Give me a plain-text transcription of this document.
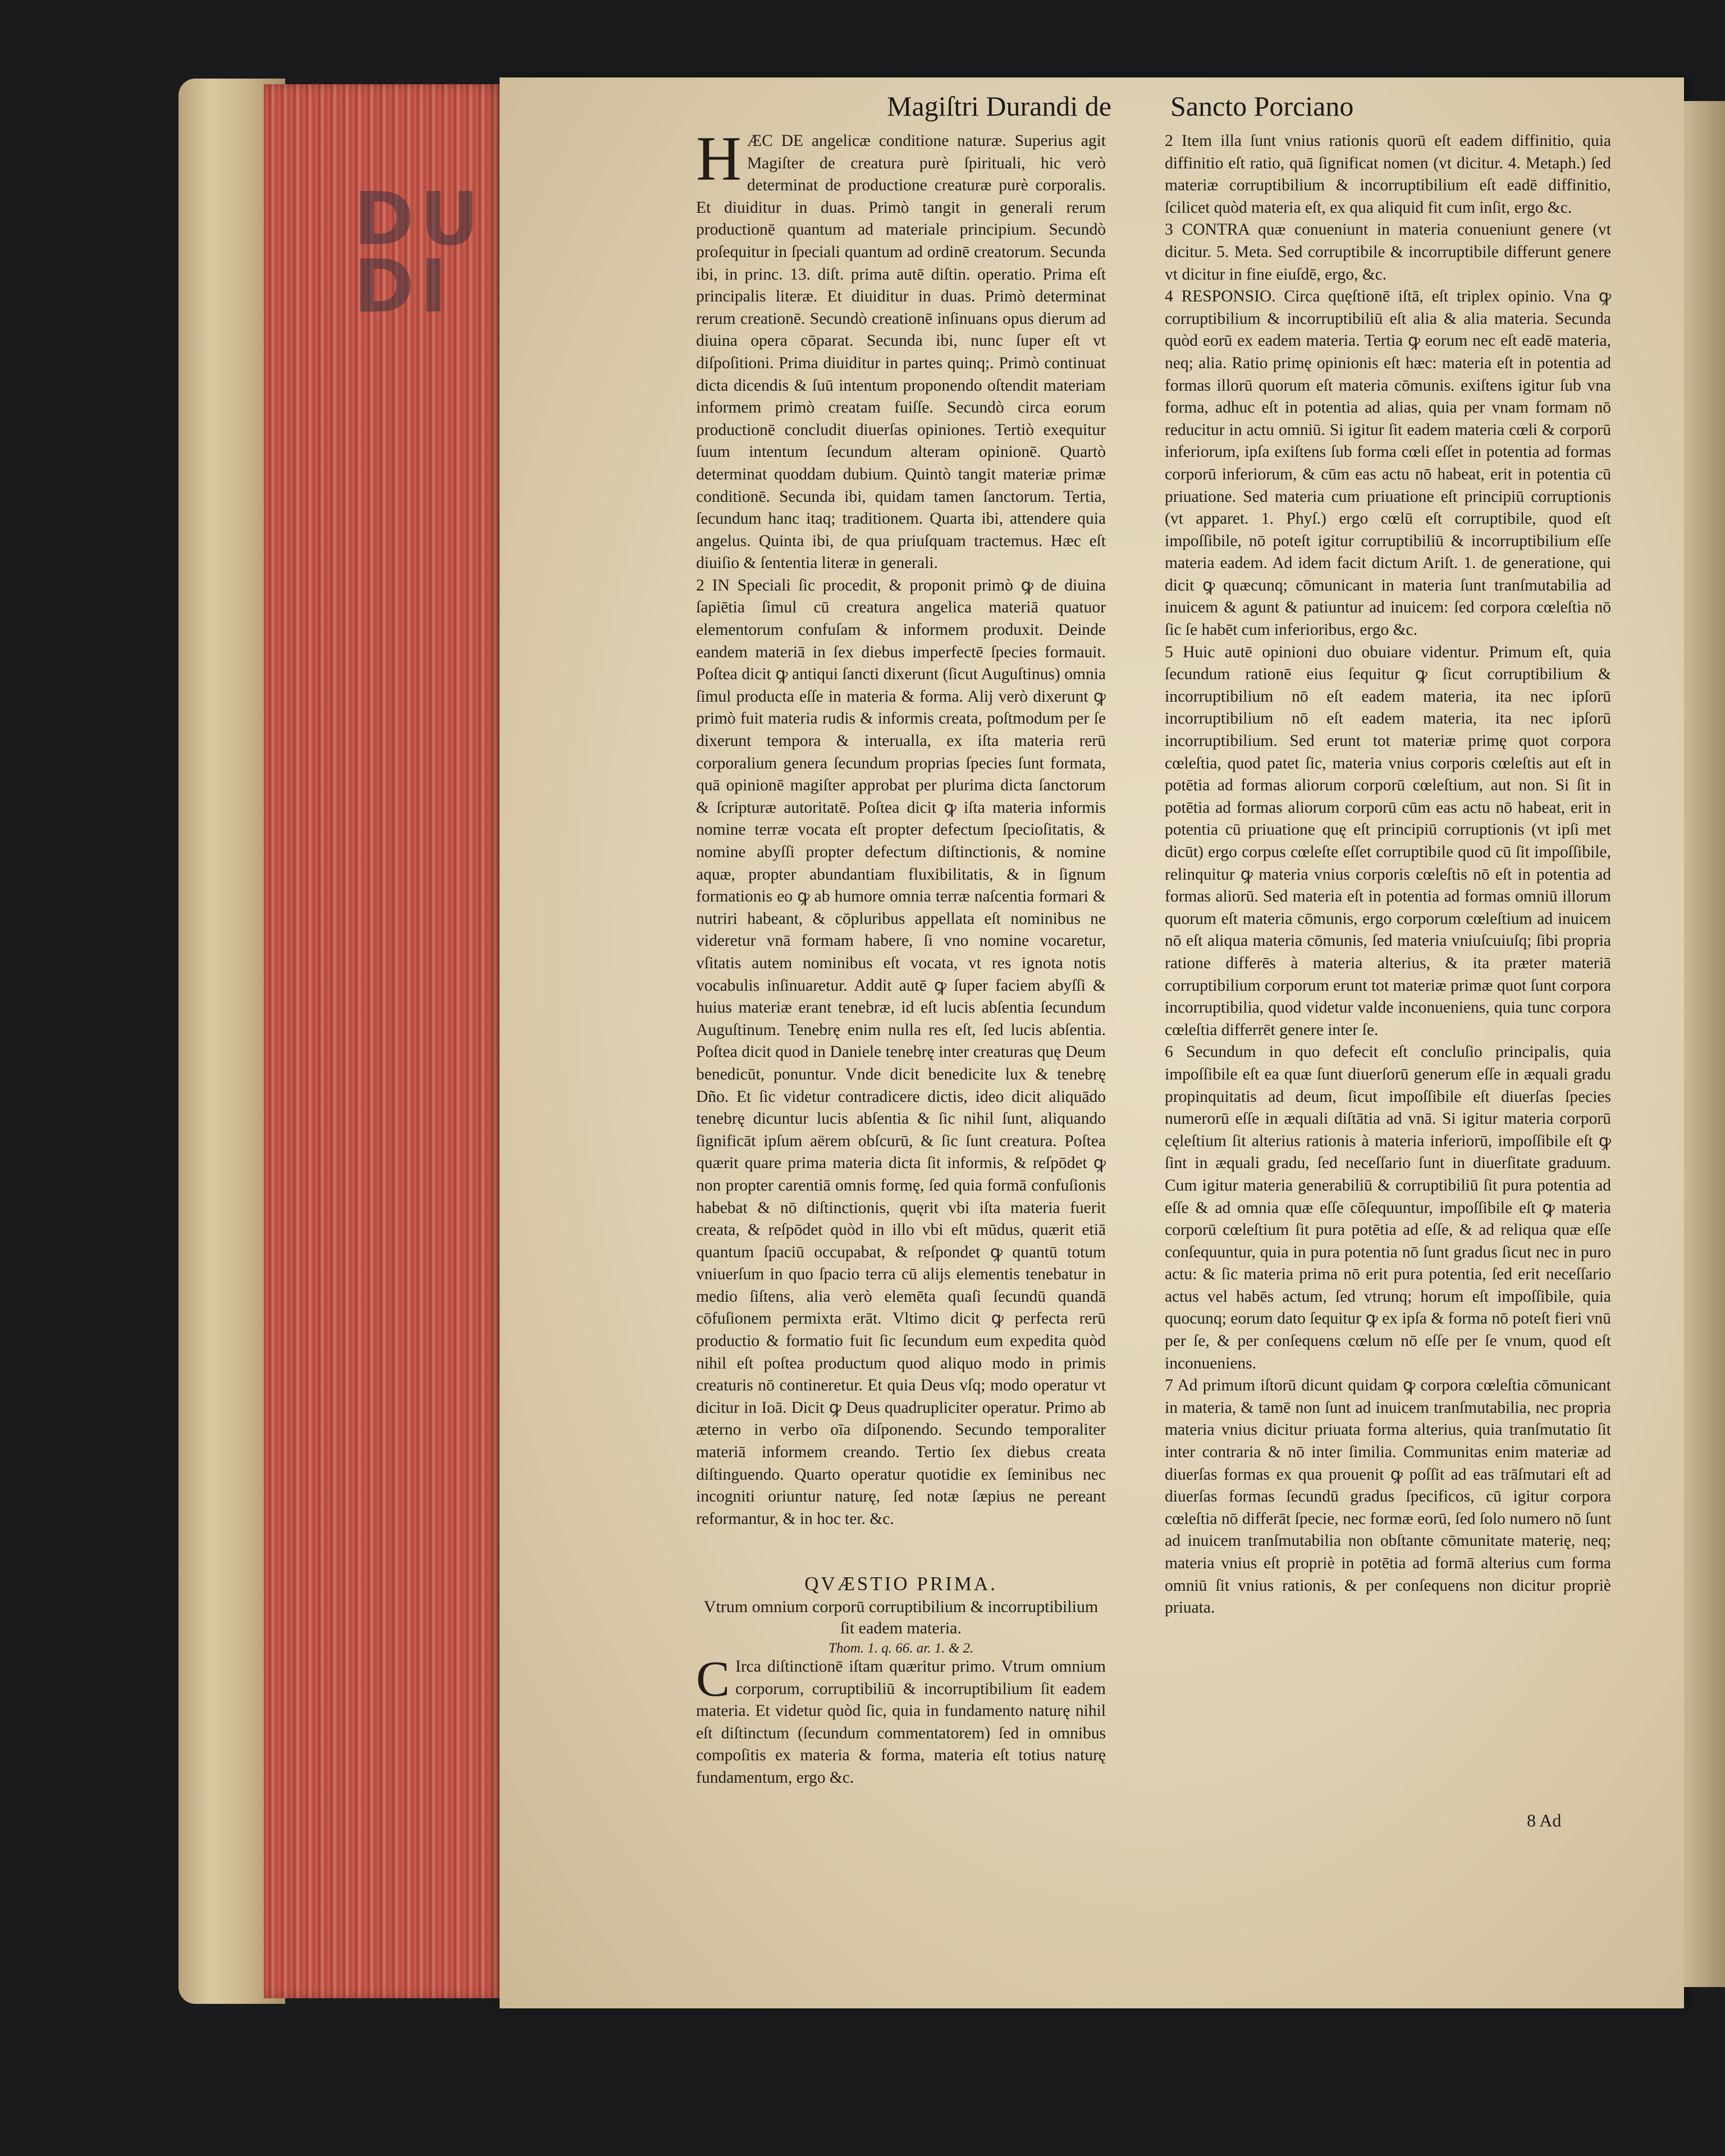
DU DI
Magiſtri Durandi de Sancto Porciano

HÆC DE angelicæ conditione naturæ. Superius agit Magiſter de creatura purè ſpirituali, hic verò determinat de productione creaturæ purè corporalis. Et diuiditur in duas. Primò tangit in generali rerum productionē quantum ad materiale principium. Secundò proſequitur in ſpeciali quantum ad ordinē creatorum. Secunda ibi, in princ. 13. diſt. prima autē diſtin. operatio. Prima eſt principalis literæ. Et diuiditur in duas. Primò determinat rerum creationē. Secundò creationē inſinuans opus dierum ad diuina opera cōparat. Secunda ibi, nunc ſuper eſt vt diſpoſitioni. Prima diuiditur in partes quinq;. Primò continuat dicta dicendis & ſuū intentum proponendo oſtendit materiam informem primò creatam fuiſſe. Secundò circa eorum productionē concludit diuerſas opiniones. Tertiò exequitur ſuum intentum ſecundum alteram opinionē. Quartò determinat quoddam dubium. Quintò tangit materiæ primæ conditionē. Secunda ibi, quidam tamen ſanctorum. Tertia, ſecundum hanc itaq; traditionem. Quarta ibi, attendere quia angelus. Quinta ibi, de qua priuſquam tractemus. Hæc eſt diuiſio & ſententia literæ in generali.

2 IN Speciali ſic procedit, & proponit primò ꝙ de diuina ſapiētia ſimul cū creatura angelica materiā quatuor elementorum confuſam & informem produxit. Deinde eandem materiā in ſex diebus imperfectē ſpecies formauit. Poſtea dicit ꝙ antiqui ſancti dixerunt (ſicut Auguſtinus) omnia ſimul producta eſſe in materia & forma. Alij verò dixerunt ꝙ primò fuit materia rudis & informis creata, poſtmodum per ſe dixerunt tempora & interualla, ex iſta materia rerū corporalium genera ſecundum proprias ſpecies ſunt formata, quā opinionē magiſter approbat per plurima dicta ſanctorum & ſcripturæ autoritatē. Poſtea dicit ꝙ iſta materia informis nomine terræ vocata eſt propter defectum ſpecioſitatis, & nomine abyſſi propter defectum diſtinctionis, & nomine aquæ, propter abundantiam fluxibilitatis, & in ſignum formationis eo ꝙ ab humore omnia terræ naſcentia formari & nutriri habeant, & cōpluribus appellata eſt nominibus ne videretur vnā formam habere, ſi vno nomine vocaretur, vſitatis autem nominibus eſt vocata, vt res ignota notis vocabulis inſinuaretur. Addit autē ꝙ ſuper faciem abyſſi & huius materiæ erant tenebræ, id eſt lucis abſentia ſecundum Auguſtinum. Tenebrę enim nulla res eſt, ſed lucis abſentia. Poſtea dicit quod in Daniele tenebrę inter creaturas quę Deum benedicūt, ponuntur. Vnde dicit benedicite lux & tenebrę Dño. Et ſic videtur contradicere dictis, ideo dicit aliquādo tenebrę dicuntur lucis abſentia & ſic nihil ſunt, aliquando ſignificāt ipſum aërem obſcurū, & ſic ſunt creatura. Poſtea quærit quare prima materia dicta ſit informis, & reſpōdet ꝙ non propter carentiā omnis formę, ſed quia formā confuſionis habebat & nō diſtinctionis, quęrit vbi iſta materia fuerit creata, & reſpōdet quòd in illo vbi eſt mūdus, quærit etiā quantum ſpaciū occupabat, & reſpondet ꝙ quantū totum vniuerſum in quo ſpacio terra cū alijs elementis tenebatur in medio ſiſtens, alia verò elemēta quaſi ſecundū quandā cōfuſionem permixta erāt. Vltimo dicit ꝙ perfecta rerū productio & formatio fuit ſic ſecundum eum expedita quòd nihil eſt poſtea productum quod aliquo modo in primis creaturis nō contineretur. Et quia Deus vſq; modo operatur vt dicitur in Ioā. Dicit ꝙ Deus quadrupliciter operatur. Primo ab æterno in verbo oīa diſponendo. Secundo temporaliter materiā informem creando. Tertio ſex diebus creata diſtinguendo. Quarto operatur quotidie ex ſeminibus nec incogniti oriuntur naturę, ſed notæ ſæpius ne pereant reformantur, & in hoc ter. &c.

QVÆSTIO PRIMA.
Vtrum omnium corporū corruptibilium & incorruptibilium ſit eadem materia.
Thom. 1. q. 66. ar. 1. & 2.

C Irca diſtinctionē iſtam quæritur primo. Vtrum omnium corporum, corruptibiliū & incorruptibilium ſit eadem materia. Et videtur quòd ſic, quia in fundamento naturę nihil eſt diſtinctum (ſecundum commentatorem) ſed in omnibus compoſitis ex materia & forma, materia eſt totius naturę fundamentum, ergo &c.

2 Item illa ſunt vnius rationis quorū eſt eadem diffinitio, quia diffinitio eſt ratio, quā ſignificat nomen (vt dicitur. 4. Metaph.) ſed materiæ corruptibilium & incorruptibilium eſt eadē diffinitio, ſcilicet quòd materia eſt, ex qua aliquid fit cum inſit, ergo &c.

3 CONTRA quæ conueniunt in materia conueniunt genere (vt dicitur. 5. Meta. Sed corruptibile & incorruptibile differunt genere vt dicitur in fine eiuſdē, ergo, &c.

4 RESPONSIO. Circa quęſtionē iſtā, eſt triplex opinio. Vna ꝙ corruptibilium & incorruptibiliū eſt alia & alia materia. Secunda quòd eorū ex eadem materia. Tertia ꝙ eorum nec eſt eadē materia, neq; alia. Ratio primę opinionis eſt hæc: materia eſt in potentia ad formas illorū quorum eſt materia cōmunis. exiſtens igitur ſub vna forma, adhuc eſt in potentia ad alias, quia per vnam formam nō reducitur in actu omniū. Si igitur ſit eadem materia cœli & corporū inferiorum, ipſa exiſtens ſub forma cœli eſſet in potentia ad formas corporū inferiorum, & cūm eas actu nō habeat, erit in potentia cū priuatione. Sed materia cum priuatione eſt principiū corruptionis (vt apparet. 1. Phyſ.) ergo cœlū eſt corruptibile, quod eſt impoſſibile, nō poteſt igitur corruptibiliū & incorruptibilium eſſe materia eadem. Ad idem facit dictum Ariſt. 1. de generatione, qui dicit ꝙ quæcunq; cōmunicant in materia ſunt tranſmutabilia ad inuicem & agunt & patiuntur ad inuicem: ſed corpora cœleſtia nō ſic ſe habēt cum inferioribus, ergo &c.

5 Huic autē opinioni duo obuiare videntur. Primum eſt, quia ſecundum rationē eius ſequitur ꝙ ſicut corruptibilium & incorruptibilium nō eſt eadem materia, ita nec ipſorū incorruptibilium nō eſt eadem materia, ita nec ipſorū incorruptibilium. Sed erunt tot materiæ primę quot corpora cœleſtia, quod patet ſic, materia vnius corporis cœleſtis aut eſt in potētia ad formas aliorum corporū cœleſtium, aut non. Si ſit in potētia ad formas aliorum corporū cūm eas actu nō habeat, erit in potentia cū priuatione quę eſt principiū corruptionis (vt ipſi met dicūt) ergo corpus cœleſte eſſet corruptibile quod cū ſit impoſſibile, relinquitur ꝙ materia vnius corporis cœleſtis nō eſt in potentia ad formas aliorū. Sed materia eſt in potentia ad formas omniū illorum quorum eſt materia cōmunis, ergo corporum cœleſtium ad inuicem nō eſt aliqua materia cōmunis, ſed materia vniuſcuiuſq; ſibi propria ratione differēs à materia alterius, & ita præter materiā corruptibilium corporum erunt tot materiæ primæ quot ſunt corpora incorruptibilia, quod videtur valde inconueniens, quia tunc corpora cœleſtia differrēt genere inter ſe.

6 Secundum in quo defecit eſt concluſio principalis, quia impoſſibile eſt ea quæ ſunt diuerſorū generum eſſe in æquali gradu propinquitatis ad deum, ſicut impoſſibile eſt diuerſas ſpecies numerorū eſſe in æquali diſtātia ad vnā. Si igitur materia corporū cęleſtium ſit alterius rationis à materia inferiorū, impoſſibile eſt ꝙ ſint in æquali gradu, ſed neceſſario ſunt in diuerſitate graduum. Cum igitur materia generabiliū & corruptibiliū ſit pura potentia ad eſſe & ad omnia quæ eſſe cōſequuntur, impoſſibile eſt ꝙ materia corporū cœleſtium ſit pura potētia ad eſſe, & ad reliqua quæ eſſe conſequuntur, quia in pura potentia nō ſunt gradus ſicut nec in puro actu: & ſic materia prima nō erit pura potentia, ſed erit neceſſario actus vel habēs actum, ſed vtrunq; horum eſt impoſſibile, quia quocunq; eorum dato ſequitur ꝙ ex ipſa & forma nō poteſt fieri vnū per ſe, & per conſequens cœlum nō eſſe per ſe vnum, quod eſt inconueniens.

7 Ad primum iſtorū dicunt quidam ꝙ corpora cœleſtia cōmunicant in materia, & tamē non ſunt ad inuicem tranſmutabilia, nec propria materia vnius dicitur priuata forma alterius, quia tranſmutatio ſit inter contraria & nō inter ſimilia. Communitas enim materiæ ad diuerſas formas ex qua prouenit ꝙ poſſit ad eas trāſmutari eſt ad diuerſas formas ſecundū gradus ſpecificos, cū igitur corpora cœleſtia nō differāt ſpecie, nec formæ eorū, ſed ſolo numero nō ſunt ad inuicem tranſmutabilia non obſtante cōmunitate materię, neq; materia vnius eſt propriè in potētia ad formā alterius cum forma omniū ſit vnius rationis, & per conſequens non dicitur propriè priuata.

8 Ad
